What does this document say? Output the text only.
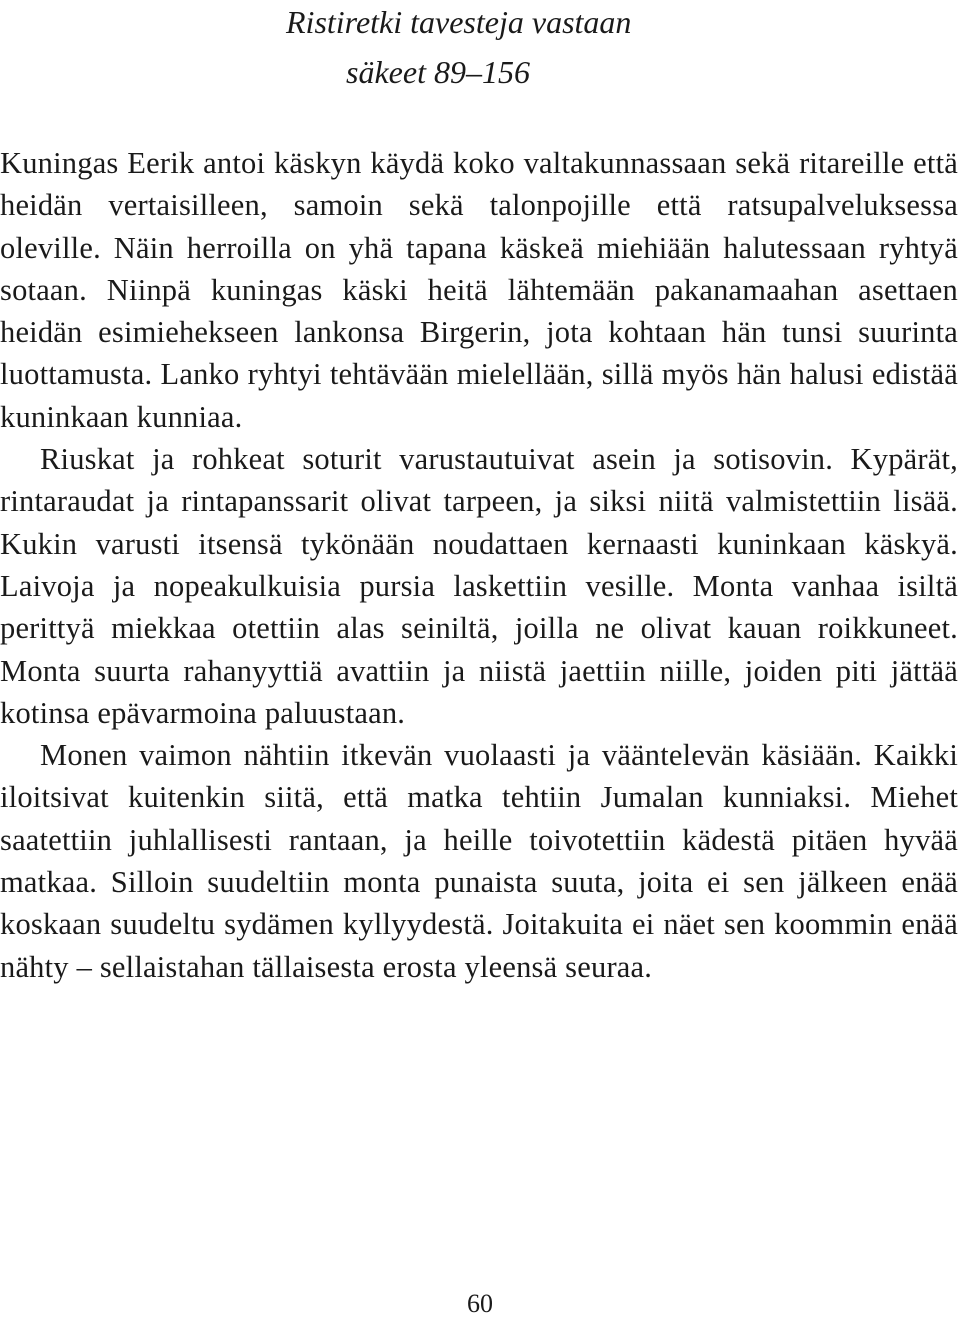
Ristiretki tavesteja vastaan
säkeet 89–156

Kuningas Eerik antoi käskyn käydä koko valtakunnassaan sekä ritareille että heidän vertaisilleen, samoin sekä talonpojille että ratsupalveluksessa oleville. Näin herroilla on yhä tapana käskeä miehiään halutessaan ryhtyä sotaan. Niinpä kuningas käski heitä lähtemään pakanamaahan asettaen heidän esimiehekseen lankonsa Birgerin, jota kohtaan hän tunsi suurinta luottamusta. Lanko ryhtyi tehtävään mielellään, sillä myös hän halusi edistää kuninkaan kunniaa.

Riuskat ja rohkeat soturit varustautuivat asein ja sotisovin. Kypärät, rintaraudat ja rintapanssarit olivat tarpeen, ja siksi niitä valmistettiin lisää. Kukin varusti itsensä tykönään noudattaen kernaasti kuninkaan käskyä. Laivoja ja nopeakulkuisia pursia laskettiin vesille. Monta vanhaa isiltä perittyä miekkaa otettiin alas seiniltä, joilla ne olivat kauan roikkuneet. Monta suurta rahanyyttiä avattiin ja niistä jaettiin niille, joiden piti jättää kotinsa epävarmoina paluustaan.

Monen vaimon nähtiin itkevän vuolaasti ja vääntelevän käsiään. Kaikki iloitsivat kuitenkin siitä, että matka tehtiin Jumalan kunniaksi. Miehet saatettiin juhlallisesti rantaan, ja heille toivotettiin kädestä pitäen hyvää matkaa. Silloin suudeltiin monta punaista suuta, joita ei sen jälkeen enää koskaan suudeltu sydämen kyllyydestä. Joitakuita ei näet sen koommin enää nähty – sellaistahan tällaisesta erosta yleensä seuraa.

60
